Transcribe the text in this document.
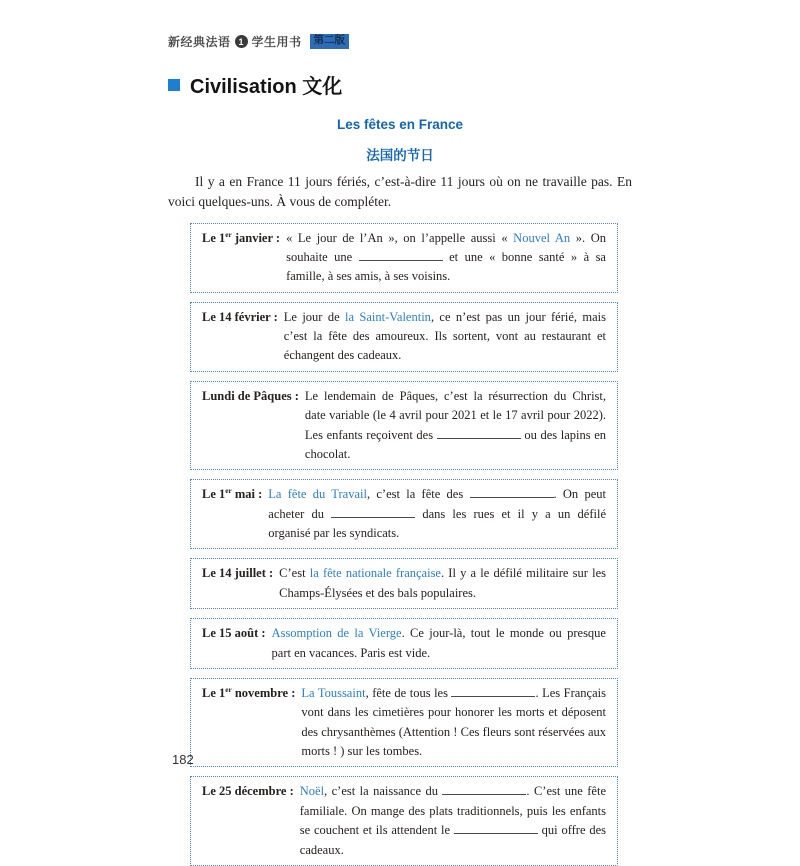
新经典法语 1 学生用书	第二版
Civilisation 文化
Les fêtes en France
法国的节日

Il y a en France 11 jours fériés, c’est-à-dire 11 jours où on ne travaille pas. En voici quelques-uns. À vous de compléter.

Le 1er janvier : « Le jour de l’An », on l’appelle aussi « Nouvel An ». On souhaite une	et une « bonne santé » à sa famille, à ses amis, à ses voisins.
Le 14 février : Le jour de la Saint-Valentin, ce n’est pas un jour férié, mais c’est la fête des amoureux. Ils sortent, vont au restaurant et échangent des cadeaux.
Lundi de Pâques : Le lendemain de Pâques, c’est la résurrection du Christ, date variable (le 4 avril pour 2021 et le 17 avril pour 2022). Les enfants reçoivent des	ou des lapins en chocolat.
Le 1er mai : La fête du Travail, c’est la fête des	. On peut acheter du	dans les rues et il y a un défilé organisé par les syndicats.
Le 14 juillet : C’est la fête nationale française. Il y a le défilé militaire sur les Champs-Élysées et des bals populaires.
Le 15 août : Assomption de la Vierge. Ce jour-là, tout le monde ou presque part en vacances. Paris est vide.
Le 1er novembre : La Toussaint, fête de tous les	. Les Français vont dans les cimetières pour honorer les morts et déposent des chrysanthèmes (Attention ! Ces fleurs sont réservées aux morts ! ) sur les tombes.
Le 25 décembre : Noël, c’est la naissance du	. C’est une fête familiale. On mange des plats traditionnels, puis les enfants se couchent et ils attendent le	qui offre des cadeaux.
182
